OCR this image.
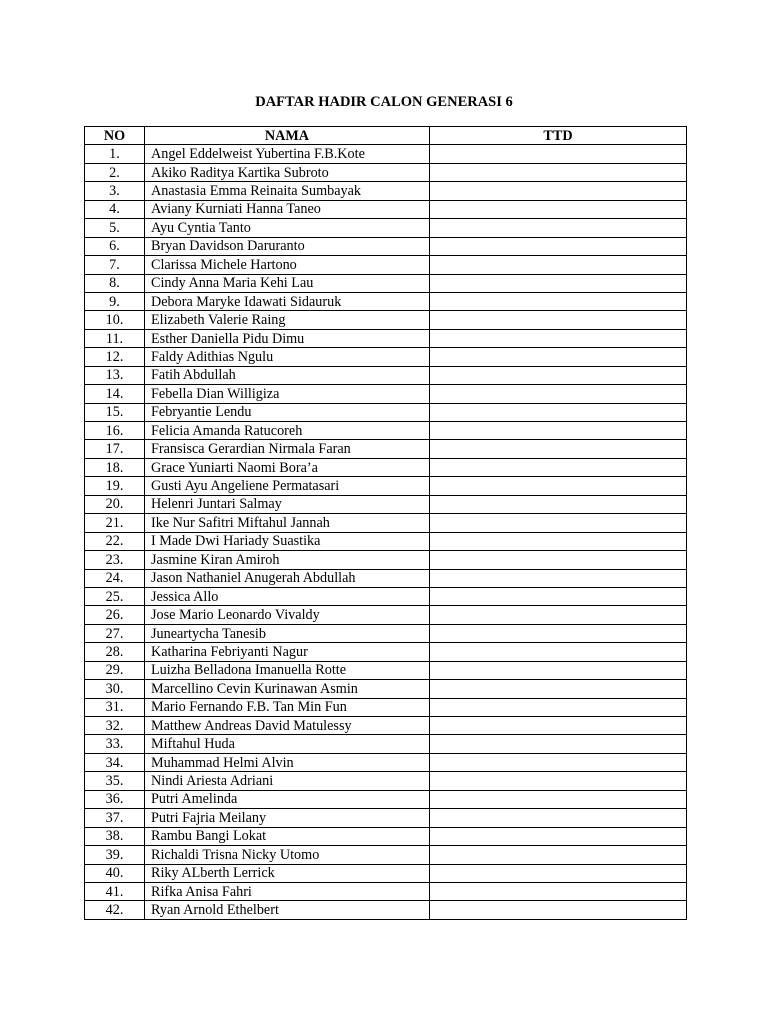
DAFTAR HADIR CALON GENERASI 6
NO	NAMA	TTD
1.	Angel Eddelweist Yubertina F.B.Kote	
2.	Akiko Raditya Kartika Subroto	
3.	Anastasia Emma Reinaita Sumbayak	
4.	Aviany Kurniati Hanna Taneo	
5.	Ayu Cyntia Tanto	
6.	Bryan Davidson Daruranto	
7.	Clarissa Michele Hartono	
8.	Cindy Anna Maria Kehi Lau	
9.	Debora Maryke Idawati Sidauruk	
10.	Elizabeth Valerie Raing	
11.	Esther Daniella Pidu Dimu	
12.	Faldy Adithias Ngulu	
13.	Fatih Abdullah	
14.	Febella Dian Willigiza	
15.	Febryantie Lendu	
16.	Felicia Amanda Ratucoreh	
17.	Fransisca Gerardian Nirmala Faran	
18.	Grace Yuniarti Naomi Bora’a	
19.	Gusti Ayu Angeliene Permatasari	
20.	Helenri Juntari Salmay	
21.	Ike Nur Safitri Miftahul Jannah	
22.	I Made Dwi Hariady Suastika	
23.	Jasmine Kiran Amiroh	
24.	Jason Nathaniel Anugerah Abdullah	
25.	Jessica Allo	
26.	Jose Mario Leonardo Vivaldy	
27.	Juneartycha Tanesib	
28.	Katharina Febriyanti Nagur	
29.	Luizha Belladona Imanuella Rotte	
30.	Marcellino Cevin Kurinawan Asmin	
31.	Mario Fernando F.B. Tan Min Fun	
32.	Matthew Andreas David Matulessy	
33.	Miftahul Huda	
34.	Muhammad Helmi Alvin	
35.	Nindi Ariesta Adriani	
36.	Putri Amelinda	
37.	Putri Fajria Meilany	
38.	Rambu Bangi Lokat	
39.	Richaldi Trisna Nicky Utomo	
40.	Riky ALberth Lerrick	
41.	Rifka Anisa Fahri	
42.	Ryan Arnold Ethelbert	
